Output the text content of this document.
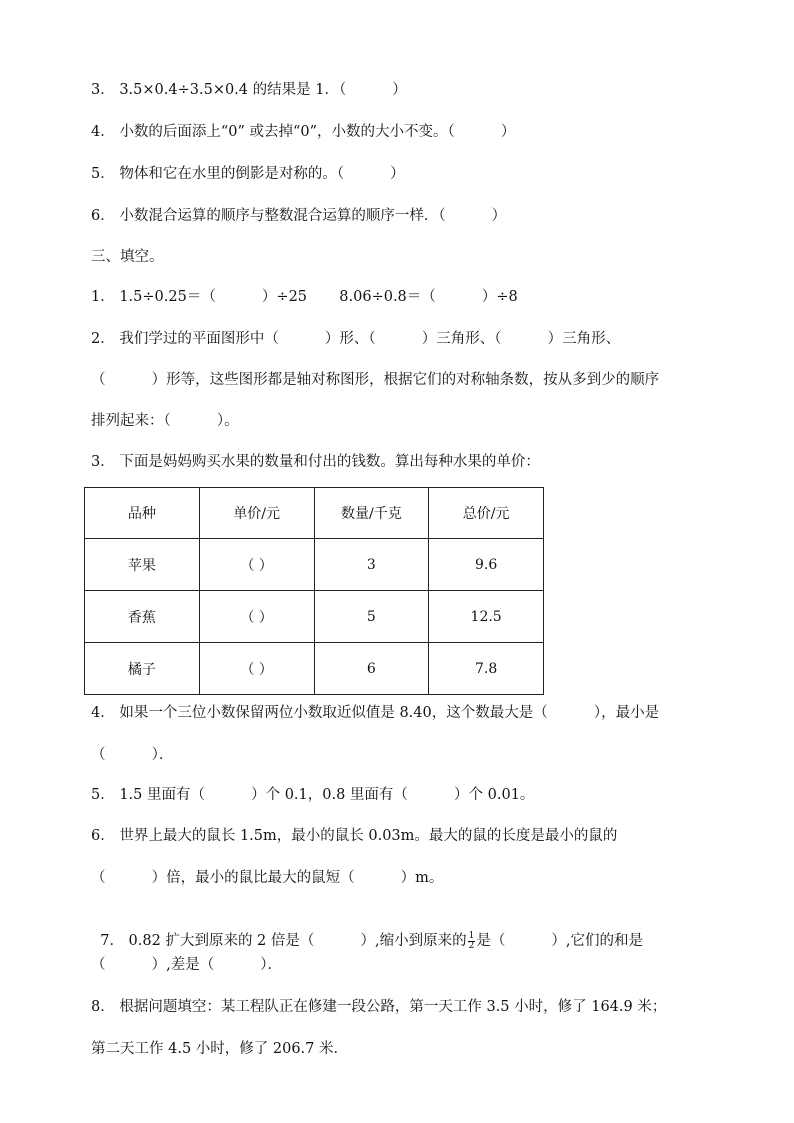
3． 3.5×0.4÷3.5×0.4 的结果是 1．（          ）
4． 小数的后面添上“0” 或去掉“0”，小数的大小不变。（          ）
5． 物体和它在水里的倒影是对称的。（          ）
6． 小数混合运算的顺序与整数混合运算的顺序一样．（          ）
三、填空。
1． 1.5÷0.25＝（          ）÷25       8.06÷0.8＝（          ）÷8
2． 我们学过的平面图形中（          ）形、（          ）三角形、（          ）三角形、
（          ）形等，这些图形都是轴对称图形，根据它们的对称轴条数，按从多到少的顺序
排列起来：（          ）。
3． 下面是妈妈购买水果的数量和付出的钱数。算出每种水果的单价：
品种	单价/元	数量/千克	总价/元
苹果	（ ）	3	9.6
香蕉	（ ）	5	12.5
橘子	（ ）	6	7.8
4． 如果一个三位小数保留两位小数取近似值是 8.40，这个数最大是（          ），最小是
（          ）．
5． 1.5 里面有（          ）个 0.1，0.8 里面有（          ）个 0.01。
6． 世界上最大的鼠长 1.5m，最小的鼠长 0.03m。最大的鼠的长度是最小的鼠的
（          ）倍，最小的鼠比最大的鼠短（          ）m。

7． 0.82 扩大到原来的 2 倍是（          ）,缩小到原来的 $\frac{1}{2}$ 是（          ）,它们的和是

（          ）,差是（          ）．
8． 根据问题填空：某工程队正在修建一段公路，第一天工作 3.5 小时，修了 164.9 米；
第二天工作 4.5 小时，修了 206.7 米．
